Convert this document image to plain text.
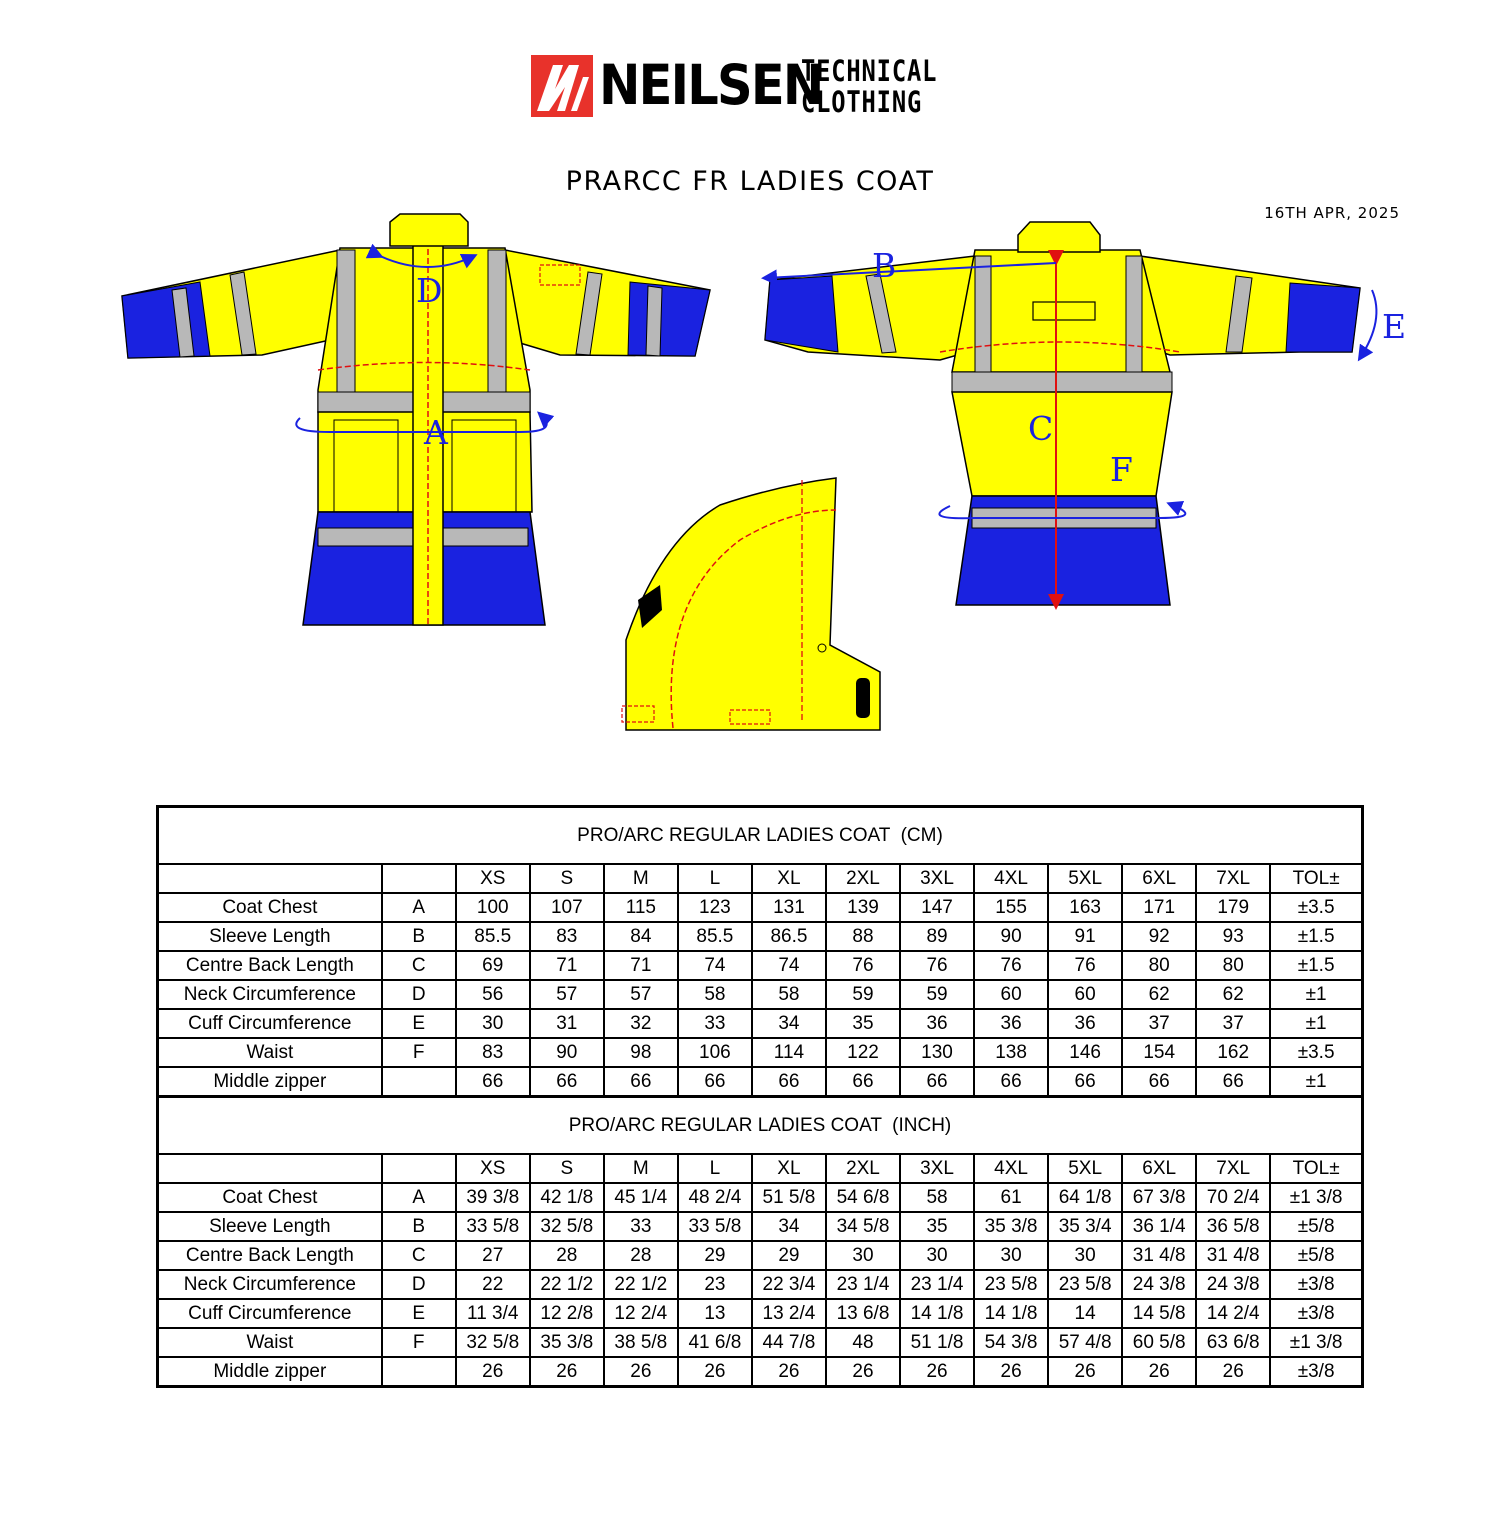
NEILSEN
TECHNICAL
CLOTHING
PRARCC FR LADIES COAT
16TH APR, 2025
D
A
B
C
E
F
PRO/ARC REGULAR LADIES COAT  (CM)													
		XS	S	M	L	XL	2XL	3XL	4XL	5XL	6XL	7XL	TOL±
Coat Chest	A	100	107	115	123	131	139	147	155	163	171	179	±3.5
Sleeve Length	B	85.5	83	84	85.5	86.5	88	89	90	91	92	93	±1.5
Centre Back Length	C	69	71	71	74	74	76	76	76	76	80	80	±1.5
Neck Circumference	D	56	57	57	58	58	59	59	60	60	62	62	±1
Cuff Circumference	E	30	31	32	33	34	35	36	36	36	37	37	±1
Waist	F	83	90	98	106	114	122	130	138	146	154	162	±3.5
Middle zipper		66	66	66	66	66	66	66	66	66	66	66	±1
PRO/ARC REGULAR LADIES COAT  (INCH)													
		XS	S	M	L	XL	2XL	3XL	4XL	5XL	6XL	7XL	TOL±
Coat Chest	A	39 3/8	42 1/8	45 1/4	48 2/4	51 5/8	54 6/8	58	61	64 1/8	67 3/8	70 2/4	±1 3/8
Sleeve Length	B	33 5/8	32 5/8	33	33 5/8	34	34 5/8	35	35 3/8	35 3/4	36 1/4	36 5/8	±5/8
Centre Back Length	C	27	28	28	29	29	30	30	30	30	31 4/8	31 4/8	±5/8
Neck Circumference	D	22	22 1/2	22 1/2	23	22 3/4	23 1/4	23 1/4	23 5/8	23 5/8	24 3/8	24 3/8	±3/8
Cuff Circumference	E	11 3/4	12 2/8	12 2/4	13	13 2/4	13 6/8	14 1/8	14 1/8	14	14 5/8	14 2/4	±3/8
Waist	F	32 5/8	35 3/8	38 5/8	41 6/8	44 7/8	48	51 1/8	54 3/8	57 4/8	60 5/8	63 6/8	±1 3/8
Middle zipper		26	26	26	26	26	26	26	26	26	26	26	±3/8
